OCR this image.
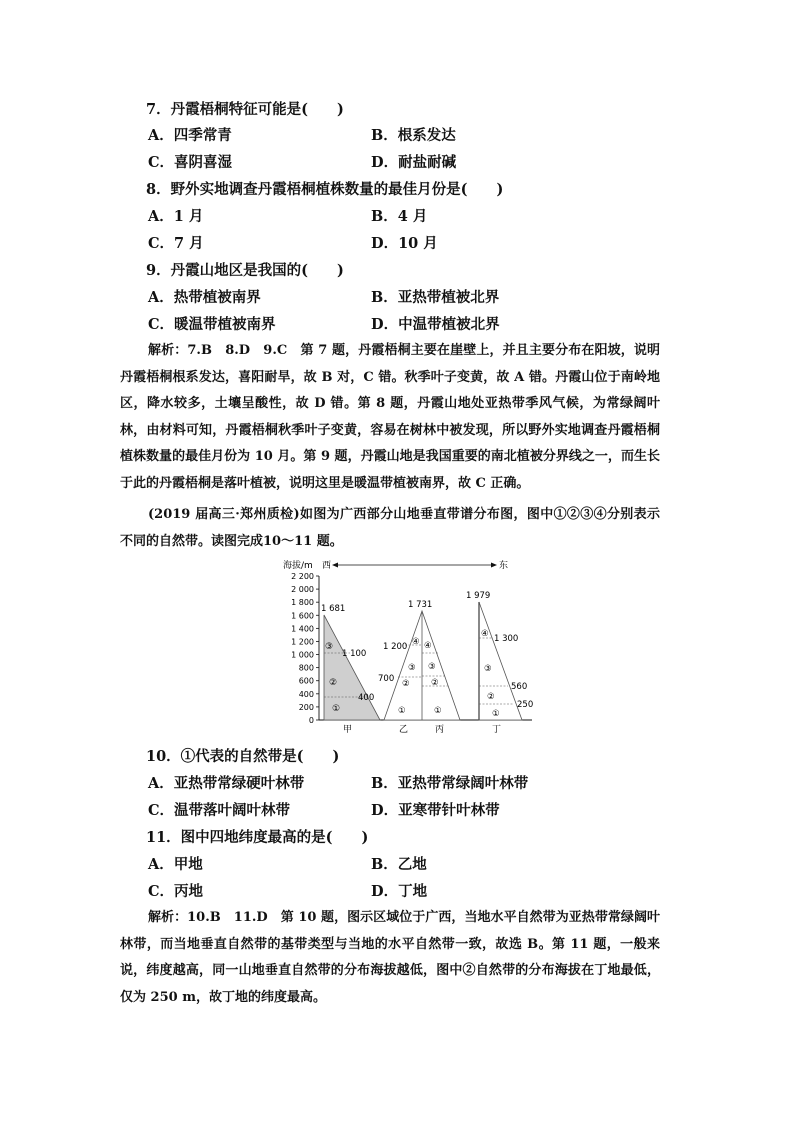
7．丹霞梧桐特征可能是(　　)
A．四季常青	B．根系发达
C．喜阴喜湿	D．耐盐耐碱
8．野外实地调查丹霞梧桐植株数量的最佳月份是(　　)
A．1 月	B．4 月
C．7 月	D．10 月
9．丹霞山地区是我国的(　　)
A．热带植被南界	B．亚热带植被北界
C．暖温带植被南界	D．中温带植被北界
解析：7.B　8.D　9.C　第 7 题，丹霞梧桐主要在崖壁上，并且主要分布在阳坡，说明丹霞梧桐根系发达，喜阳耐旱，故 B 对，C 错。秋季叶子变黄，故 A 错。丹霞山位于南岭地区，降水较多，土壤呈酸性，故 D 错。第 8 题，丹霞山地处亚热带季风气候，为常绿阔叶林，由材料可知，丹霞梧桐秋季叶子变黄，容易在树林中被发现，所以野外实地调查丹霞梧桐植株数量的最佳月份为 10 月。第 9 题，丹霞山地是我国重要的南北植被分界线之一，而生长于此的丹霞梧桐是落叶植被，说明这里是暖温带植被南界，故 C 正确。
(2019 届高三·郑州质检)如图为广西部分山地垂直带谱分布图，图中①②③④分别表示不同的自然带。读图完成10～11 题。
海拔/m 西	东
0
200
400
600
800
1 000
1 200
1 400
1 600
1 800
2 000
2 200
1 681
1 100
400
③
②
①
甲
1 731
1 200
700
④
③
②
①
④
③
②
①
乙	丙
1 979
1 300
560
250
④
③
②
①
丁
10．①代表的自然带是(　　)
A．亚热带常绿硬叶林带	B．亚热带常绿阔叶林带
C．温带落叶阔叶林带	D．亚寒带针叶林带
11．图中四地纬度最高的是(　　)
A．甲地	B．乙地
C．丙地	D．丁地
解析：10.B　11.D　第 10 题，图示区域位于广西，当地水平自然带为亚热带常绿阔叶林带，而当地垂直自然带的基带类型与当地的水平自然带一致，故选 B。第 11 题，一般来说，纬度越高，同一山地垂直自然带的分布海拔越低，图中②自然带的分布海拔在丁地最低，仅为 250 m，故丁地的纬度最高。
